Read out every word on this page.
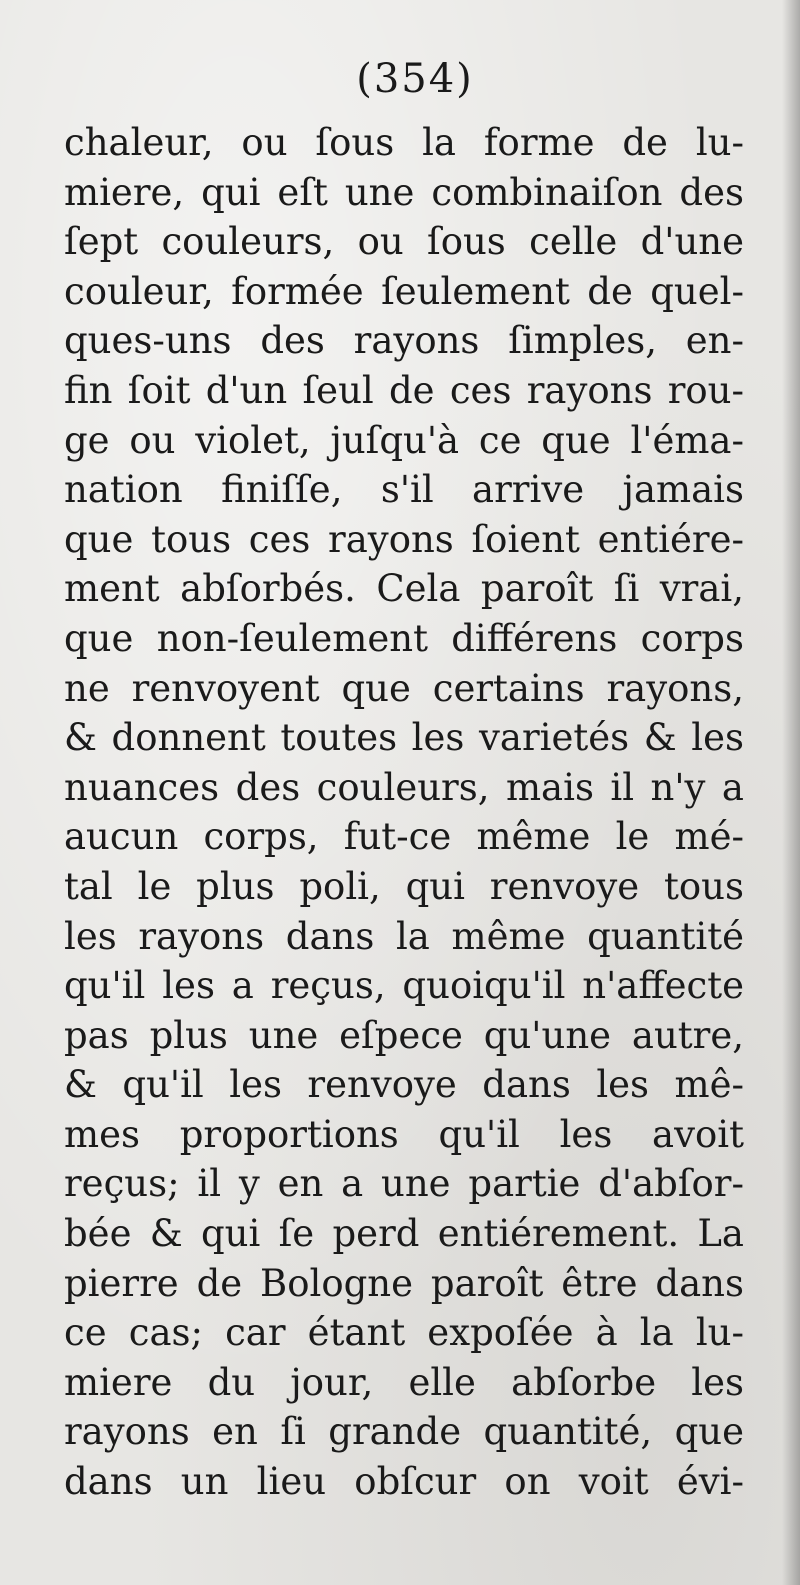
(354)
chaleur, ou ſous la forme de lu-
miere, qui eſt une combinaiſon des
ſept couleurs, ou ſous celle d'une
couleur, formée ſeulement de quel-
ques-uns des rayons ſimples, en-
fin ſoit d'un ſeul de ces rayons rou-
ge ou violet, juſqu'à ce que l'éma-
nation finiſſe, s'il arrive jamais
que tous ces rayons ſoient entiére-
ment abſorbés. Cela paroît ſi vrai,
que non-ſeulement différens corps
ne renvoyent que certains rayons,
& donnent toutes les varietés & les
nuances des couleurs, mais il n'y a
aucun corps, fut-ce même le mé-
tal le plus poli, qui renvoye tous
les rayons dans la même quantité
qu'il les a reçus, quoiqu'il n'affecte
pas plus une eſpece qu'une autre,
& qu'il les renvoye dans les mê-
mes proportions qu'il les avoit
reçus; il y en a une partie d'abſor-
bée & qui ſe perd entiérement. La
pierre de Bologne paroît être dans
ce cas; car étant expoſée à la lu-
miere du jour, elle abſorbe les
rayons en ſi grande quantité, que
dans un lieu obſcur on voit évi-
